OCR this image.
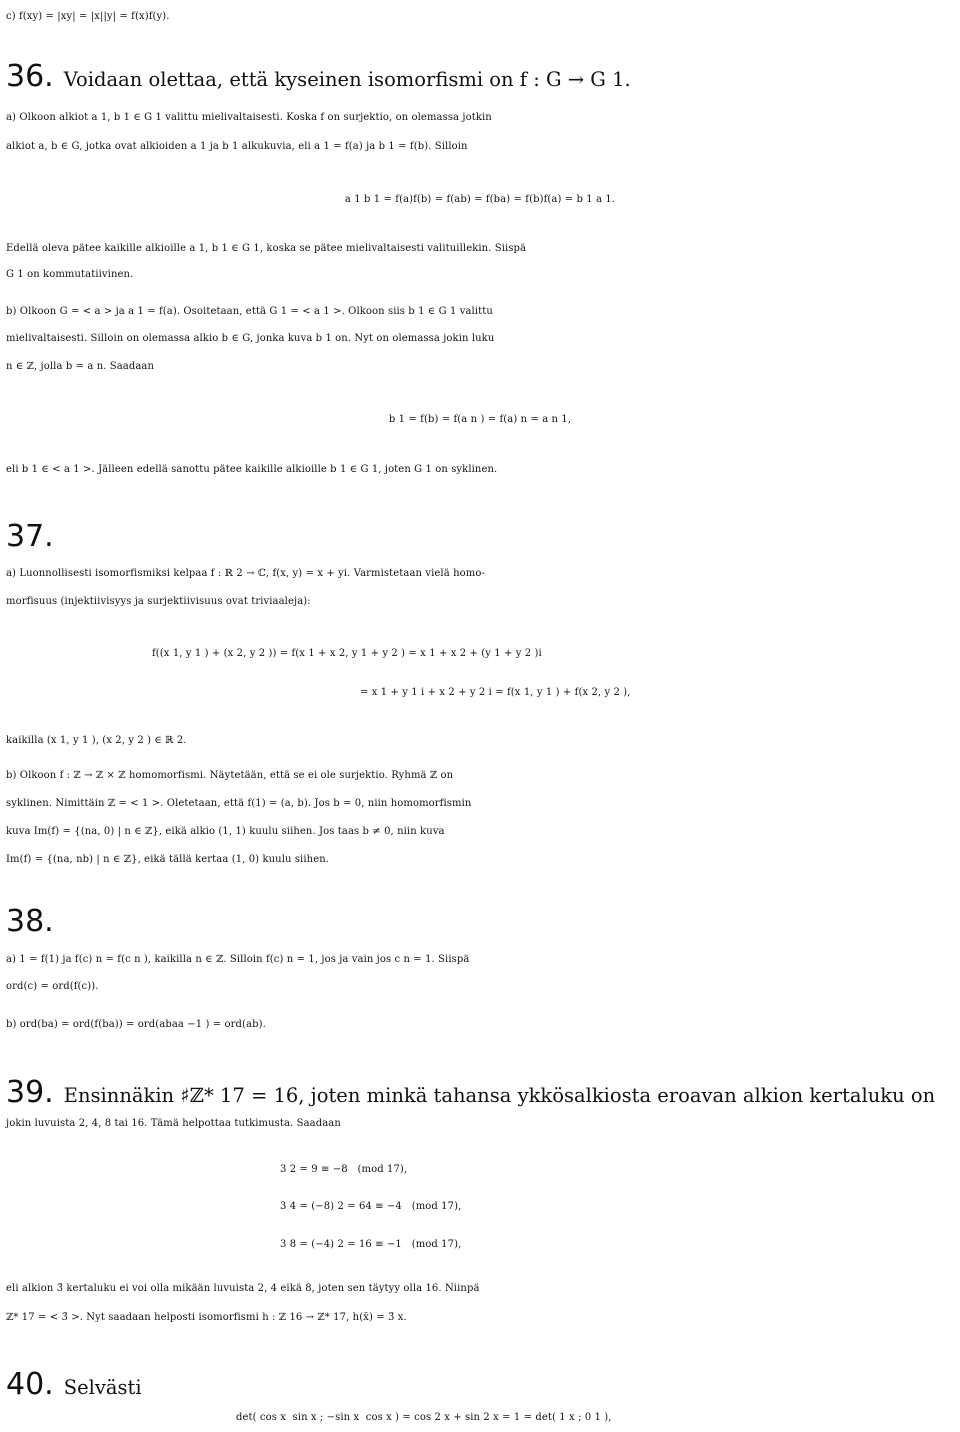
c) f(xy) = |xy| = |x||y| = f(x)f(y).
36. Voidaan olettaa, että kyseinen isomorfismi on f : G → G 1.
a) Olkoon alkiot a 1, b 1 ∈ G 1 valittu mielivaltaisesti. Koska f on surjektio, on olemassa jotkin
alkiot a, b ∈ G, jotka ovat alkioiden a 1 ja b 1 alkukuvia, eli a 1 = f(a) ja b 1 = f(b). Silloin
a 1 b 1 = f(a)f(b) = f(ab) = f(ba) = f(b)f(a) = b 1 a 1.
Edellä oleva pätee kaikille alkioille a 1, b 1 ∈ G 1, koska se pätee mielivaltaisesti valituillekin. Siispä
G 1 on kommutatiivinen.
b) Olkoon G = < a > ja a 1 = f(a). Osoitetaan, että G 1 = < a 1 >. Olkoon siis b 1 ∈ G 1 valittu
mielivaltaisesti. Silloin on olemassa alkio b ∈ G, jonka kuva b 1 on. Nyt on olemassa jokin luku
n ∈ ℤ, jolla b = a n. Saadaan
b 1 = f(b) = f(a n ) = f(a) n = a n 1,
eli b 1 ∈ < a 1 >. Jälleen edellä sanottu pätee kaikille alkioille b 1 ∈ G 1, joten G 1 on syklinen.
37.
a) Luonnollisesti isomorfismiksi kelpaa f : ℝ 2 → ℂ, f(x, y) = x + yi. Varmistetaan vielä homo-
morfisuus (injektiivisyys ja surjektiivisuus ovat triviaaleja):
f((x 1, y 1 ) + (x 2, y 2 )) = f(x 1 + x 2, y 1 + y 2 ) = x 1 + x 2 + (y 1 + y 2 )i
= x 1 + y 1 i + x 2 + y 2 i = f(x 1, y 1 ) + f(x 2, y 2 ),
kaikilla (x 1, y 1 ), (x 2, y 2 ) ∈ ℝ 2.
b) Olkoon f : ℤ → ℤ × ℤ homomorfismi. Näytetään, että se ei ole surjektio. Ryhmä ℤ on
syklinen. Nimittäin ℤ = < 1 >. Oletetaan, että f(1) = (a, b). Jos b = 0, niin homomorfismin
kuva Im(f) = {(na, 0) | n ∈ ℤ}, eikä alkio (1, 1) kuulu siihen. Jos taas b ≠ 0, niin kuva
Im(f) = {(na, nb) | n ∈ ℤ}, eikä tällä kertaa (1, 0) kuulu siihen.
38.
a) 1 = f(1) ja f(c) n = f(c n ), kaikilla n ∈ ℤ. Silloin f(c) n = 1, jos ja vain jos c n = 1. Siispä
ord(c) = ord(f(c)).
b) ord(ba) = ord(f(ba)) = ord(abaa −1 ) = ord(ab).
39. Ensinnäkin ♯ℤ* 17 = 16, joten minkä tahansa ykkösalkiosta eroavan alkion kertaluku on
jokin luvuista 2, 4, 8 tai 16. Tämä helpottaa tutkimusta. Saadaan
3 2 = 9 ≡ −8   (mod 17),
3 4 = (−8) 2 = 64 ≡ −4   (mod 17),
3 8 = (−4) 2 = 16 ≡ −1   (mod 17),
eli alkion 3̄ kertaluku ei voi olla mikään luvuista 2, 4 eikä 8, joten sen täytyy olla 16. Niinpä
ℤ* 17 = < 3̄ >. Nyt saadaan helposti isomorfismi h : ℤ 16 → ℤ* 17, h(x̄) = 3̄ x.
40. Selvästi
det( cos x  sin x ; −sin x  cos x ) = cos 2 x + sin 2 x = 1 = det( 1 x ; 0 1 ),
